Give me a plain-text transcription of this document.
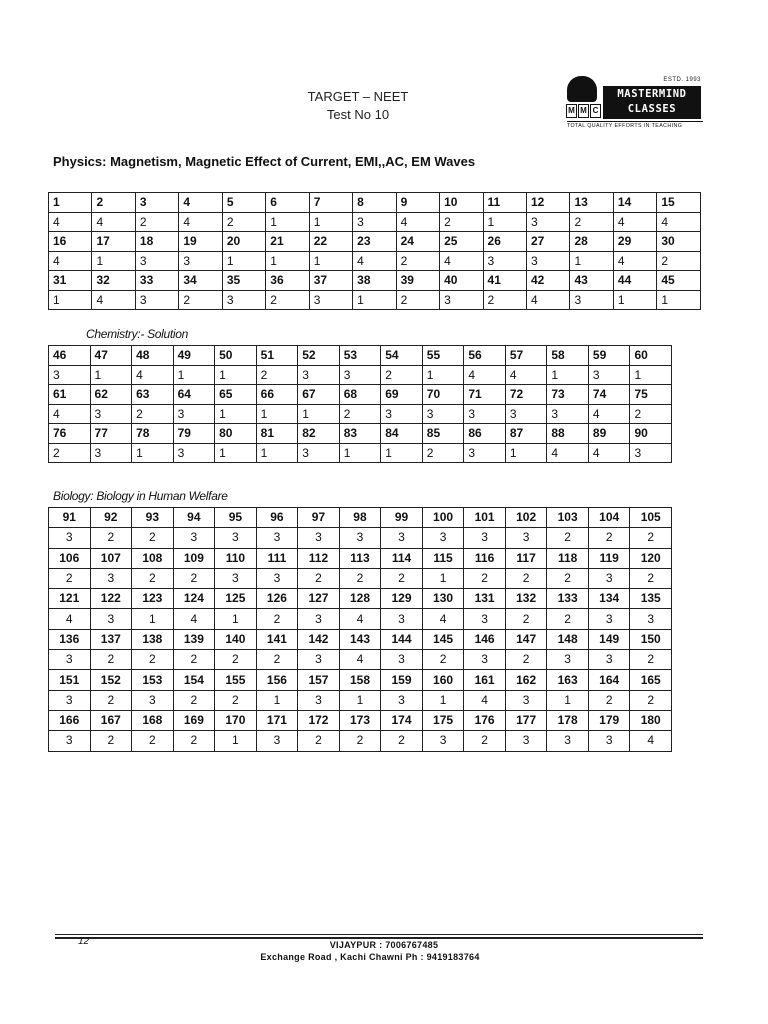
TARGET – NEET
Test No 10
ESTD. 1993
M M C
MASTERMIND
CLASSES
TOTAL QUALITY EFFORTS IN TEACHING
Physics: Magnetism, Magnetic Effect of Current, EMI,,AC, EM Waves
1	2	3	4	5	6	7	8	9	10	11	12	13	14	15
4	4	2	4	2	1	1	3	4	2	1	3	2	4	4
16	17	18	19	20	21	22	23	24	25	26	27	28	29	30
4	1	3	3	1	1	1	4	2	4	3	3	1	4	2
31	32	33	34	35	36	37	38	39	40	41	42	43	44	45
1	4	3	2	3	2	3	1	2	3	2	4	3	1	1
Chemistry:- Solution
46	47	48	49	50	51	52	53	54	55	56	57	58	59	60
3	1	4	1	1	2	3	3	2	1	4	4	1	3	1
61	62	63	64	65	66	67	68	69	70	71	72	73	74	75
4	3	2	3	1	1	1	2	3	3	3	3	3	4	2
76	77	78	79	80	81	82	83	84	85	86	87	88	89	90
2	3	1	3	1	1	3	1	1	2	3	1	4	4	3
Biology: Biology in Human Welfare
91	92	93	94	95	96	97	98	99	100	101	102	103	104	105
3	2	2	3	3	3	3	3	3	3	3	3	2	2	2
106	107	108	109	110	111	112	113	114	115	116	117	118	119	120
2	3	2	2	3	3	2	2	2	1	2	2	2	3	2
121	122	123	124	125	126	127	128	129	130	131	132	133	134	135
4	3	1	4	1	2	3	4	3	4	3	2	2	3	3
136	137	138	139	140	141	142	143	144	145	146	147	148	149	150
3	2	2	2	2	2	3	4	3	2	3	2	3	3	2
151	152	153	154	155	156	157	158	159	160	161	162	163	164	165
3	2	3	2	2	1	3	1	3	1	4	3	1	2	2
166	167	168	169	170	171	172	173	174	175	176	177	178	179	180
3	2	2	2	1	3	2	2	2	3	2	3	3	3	4
12	VIJAYPUR : 7006767485
Exchange Road , Kachi Chawni Ph : 9419183764
